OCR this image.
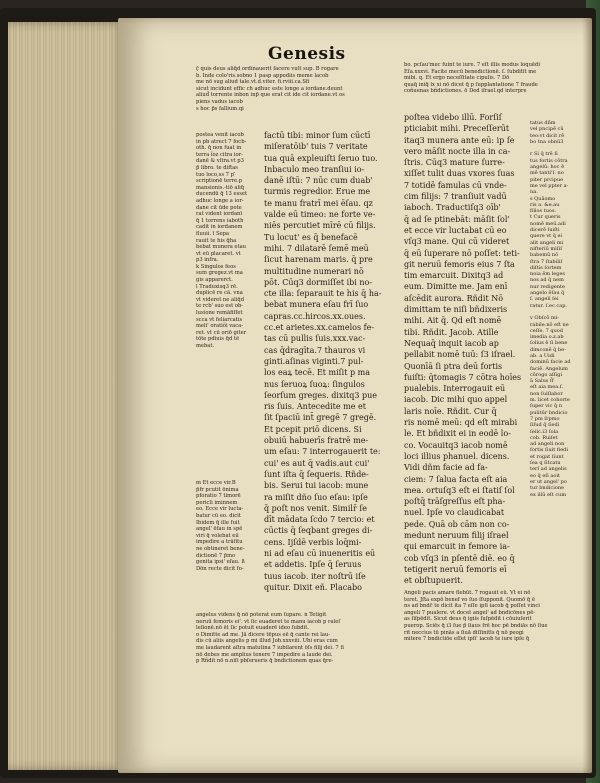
Genesis
ç̄ quis deus aliq̄d ordinauerit facere vult sup. B rogare
b. Inde colo'ris.sobno 1 pasp appodiis meme lacob
me nō sug aliud tale.vt.d.viter. fi.rviii.ca.Sfi
sicut incidunt effic ch adhuc este longe a iordane.deunt
aliud̄ torrente inbon inp̄ que erat cit ide cit iordane.vt os
piens vadus iacob
s hoc p̄s fallium.qi
bo. pcſau'mec fuint te iure. 7 eſt illis modus loquēdi
Eſa.xxxvi. Facite mecū benedictionē. ſ. ſubditīt me
mibi. q. Et ergo neceſſitate cipulis. 7 Dō
quaq̄ iniq̄ lx xi nō dicet q̄ p ſupplantatione 7 fraude
coñuenas bñdictiones. ō Ded iſrael.qd interpre
postea venit iacob
in pb atrect 7 focb-
oth. q̄ non fuat in
terra ĩoz citra ior-
danē & vltra.vt p3
p̄ libro. te diftas
tuo loco,ss 7 p ̄
scriptionē terre.p
mansionis.-tiō aliq̄
ducendū q̄ 13 esset
adhuc longe a ior-
dane cit ūde pote
rat vident iordanī
q̄ 1 torrens iaboth
cadit in iordanem
fluuii. ī Sepa
rauit te his q̄ha
bebat munera etau
vt eū placaret. vt
p3 infra.
k Singulos feos
sum gregez.vt ma
gis apparerct.
l Traduxisq3 rē.
duplicē re cā. vna
vt videret ne aliq̄d
te rcb' suo est ob-
lusione remāfiſſet
scca vt feliarcatis
meli' oratiõi vaca-
ret. vt cū oriō giter
tōte pdiuis q̄d tē
mebat.
m Et ecce vir.B
p̄fr pcutit ōnima
pforatio 7 timorē
pericli iminnem
eo. Ecce vir lucta-
batur cū eo. dicit
Ibidem q̄ ille fuit
angel' ēfau in spē
viri q̄ volebat eū
impedire a trāſitu
ne obtineret bene-
dictionē 7 p̄mo
genita ipsi' efau. ß
Dōn recte dicit fo-
factū tibi: minor ſum cūctī
miſeratōib' tuis 7 veritate
tua quā expleuiſti ſeruo tuo.
Inbaculo meo tranſiui io-
danē iſtū: 7 nūc cum duab'
turmis regredior. Erue me
te manu fratrī mei ēſau. qz
valde eū timeo: ne forte ve-
niēs percutiet mīrē cū filijs.
Tu locut' es q̄ benefacē
mihi. 7 dilatarē ſemē meū
ſicut harenam maris. q̄ pre
multitudine numerari nō
pōt. Cūq3 dormiſſet ibi no-
cte illa: ſeparauit te his q̄ ha-
bebat munera eſau frī ſuo
capras.cc.hircos.xx.oues.
cc.et arietes.xx.camelos fe-
tas cū pullis ſuis.xxx.vac-
cas q̄dragīta.7 thauros vi
ginti.aſinas viginti.7 pul-
los eaꝝ tecē. Et miſit p ma
nus ſeruoꝝ ſuoꝝ: ſingulos
ſeorſum greges. dixitq3 pue
ris ſuis. Antecedite me et
ſit ſpaciū int̄ gregē 7 gregē.
Et pcepit priō dicens. Si
obuiū habuerīs fratrē me-
um eſau: 7 interrogauerit te:
cui' es aut q̄ vadis.aut cui'
ſunt iſta q̄ ſequeris. Rñde-
bis. Serui tui iacob: mune
ra miſit dño ſuo eſau: ipſe
q̄ poſt nos venit. Similr̄ ſe
dīt mādata ſcdo 7 tercio: et
cūctis q̄ ſeqbant greges di-
cens. Ijſdē verbis loq̄mi-
ni ad eſau cū inueneritis eū
et addetis. Ipſe q̄ ſeruus
tuus iacob. iter noſtrū iſe
quitur. Dixit eñ. Placabo
poſtea videbo illū. Forſiſ
pticiabit mihi. Preceſſerūt
itaq3 munera ante eū: ip ſe
vero māſit nocte illa in ca-
ſtris. Cūq3 mature ſurre-
xiſſet tulit duas vxores ſuas
7 totidē famulas cū vnde-
cim filijs: 7 tranſiuit vadū
iaboch. Traductiſq3 oīb'
q̄ ad ſe ptinebāt: māſit ſol'
et ecce vir luctabat cū eo
vſq3 mane. Qui cū videret
q̄ eū ſuperare nō poſſet: teti-
git neruū femoris eius 7 ſta
tim emarcuit. Dixitq3 ad
eum. Dimitte me. Jam enī
aſcēdit aurora. Rñdit Nō
dimittam te niſi bñdixeris
mihi. Ait q̄. Qd eſt nomē
tibi. Rñdit. Jacob. Atille
Nequaq̄ inquit iacob ap
pellabit nomē tuū: ſ3 iſrael.
Quonīā ſi ptra deū fortis
fuiſti: q̄tomagis 7 cōtra hoīes
pualebis. Interrogauit eū
iacob. Dic mihi quo appel
laris noīe. Rñdit. Cur q̄
ris nomē meū: qd eſt mirabi
le. Et bñdixit ei in eodē lo-
co. Vocauitq3 iacob nomē
loci illius phanuel. dicens.
Vidi dñm facie ad fa-
ciem: 7 ſalua facta eſt aia
mea. ortuſq3 eſt ei ſtatiſ ſol
poſtq̄ trāſgreſſus eſt pha-
nuel. Ipſe vo claudicabat
pede. Quā ob cām non co-
medunt neruum filij iſrael
qui emarcuit in femore ia-
cob vſq3 in pſentē diē. eo q̄
tetigerit neruū femoris eī
et obſtupuerit.
tatus dñm
vel pncipē cū
teo:vt dicit rē
bo tna obnū3

r Si q̄ trē ſi
tus fortis cōtra
angelū: hoc ē
mē tanti'ſ. no
piter prcipue
me vel ppter a-
na.
s Quāomo
ris a. &e.au
filios tuos.
t Cur queris
nomē meū.adi
dicerē ſuiſti
quere vt q̄ ei
alit angeli mi
nifteriū miſiſ
babemū nō
ſtra 7 ſtabiliſ
diſtis ſortem
noia ēm leges
nos ad q̄ nem
nur redigente
angelo ēſau q̄
ſ. angeli ſei
ratur. ſ.ec.cap.

v Obſcō mi-
rabile.nō eſt ne
ceſſe. 7 quod
imedia o.z.ab
ſolius ē ſi bene
dimconē q̄ be-
ab. a Uidi
dominū facie ad
faciē. Angelum
cōrogo aſſigi
ā Salus ſ̄f
eſt aia mea.ſ.
non ſuiſlabor
m. licet cohorte
ſuper vic q̄ n
pulitūr bndicio
7 pm ſrpmo
ſiſud q̄ ſiedi
ſeilc.i3 ſola
cob. Ruiſet
ad angeli non
fortis ſiuit fiedi
et rogat ſiunt
ſea q ſitcatu
terſ ad angelis
eo q̄ eſi aoit
er ut angel' po
tur bndicione
ex illū eſt cum
angelus videns q̄ nō poterat eum ſupare. n Tetigit
neruū femoris ei'. vt ſic euaderet te manu iacob p raleſ
leſionē.nō ēt ſic potuit euaderē ideo ſubdit.
o Dimitte ad me. Jā dicere tēpus eē q̄ cante rei lau-
dis cū aliis angelis p mi illud Job.xxxviii. Ubi eras cum
me laudarent aſtra matutina 7 iubilarent ōſs filij dei. 7 ſi
nō debes me amplius tenere 7 impedire a laude dei.
p Rñdit nō n.niſi pbſerueris q̄ bndictionem quas q̄re-
Angeli pacis amare flebūt. 7 rogauit eū. Vt ei nō
teret. Jſta expō benef vo ſuo ſſupponit. Quomō q̄ ē
ns ad bndc̄ te dicit ita 7 eſſe ipſi iacob q̄ poſſet vinci
angeli 7 pualere. vt docet angel' ad bndicōnes pē-
as ſiſpēdit. Sicut deus q̄ igiis ſuſpēdit i cōuiuſerit
puerop. Sciēs q̄ i3 ſue p̄ ſiaus frē hoc pē bndiās nō ſiue
rit neccius tū pinās a ſiuā diſſinitīs q̄ nō peogi
mitere 7 bndictiōe eſſet ipſi' iacob te iure ipſe q̄
